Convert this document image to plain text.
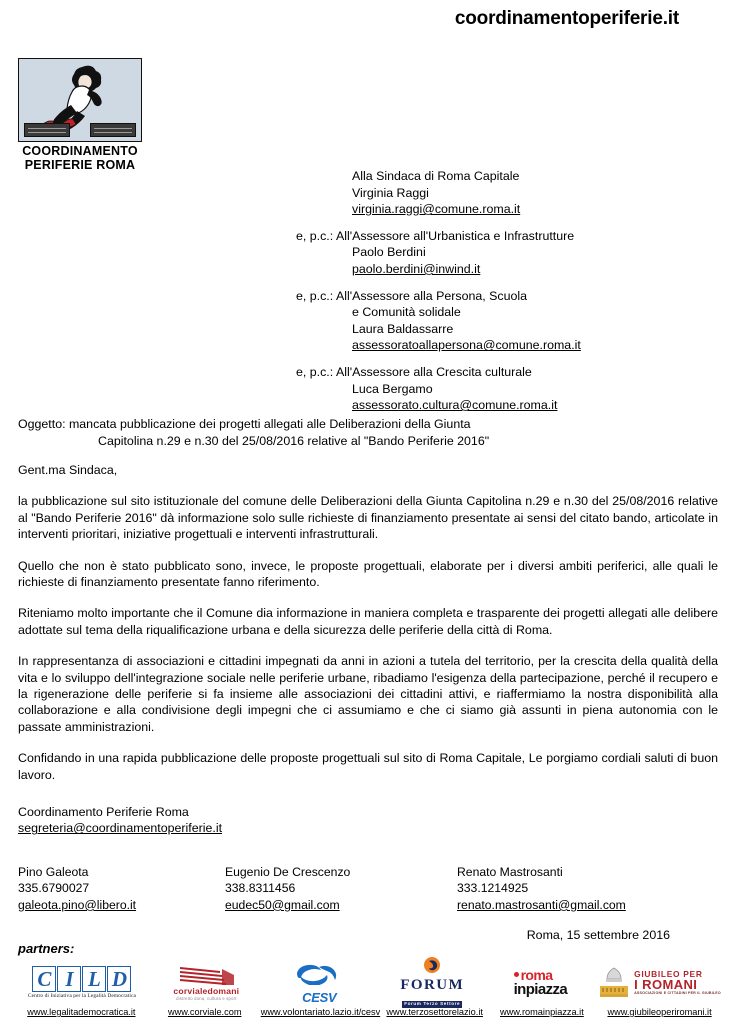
coordinamentoperiferie.it
COORDINAMENTO
PERIFERIE ROMA
Alla Sindaca di Roma Capitale
Virginia Raggi
virginia.raggi@comune.roma.it
e, p.c.: All'Assessore all'Urbanistica e Infrastrutture
Paolo Berdini
paolo.berdini@inwind.it
e, p.c.: All'Assessore alla Persona, Scuola
e Comunità solidale
Laura Baldassarre
assessoratoallapersona@comune.roma.it
e, p.c.: All'Assessore alla Crescita culturale
Luca Bergamo
assessorato.cultura@comune.roma.it
Oggetto: mancata pubblicazione dei progetti allegati alle Deliberazioni della Giunta
Capitolina n.29 e n.30 del 25/08/2016 relative al "Bando Periferie 2016"

Gent.ma Sindaca,

la pubblicazione sul sito istituzionale del comune delle Deliberazioni della Giunta Capitolina n.29 e n.30 del 25/08/2016 relative al "Bando Periferie 2016" dà informazione solo sulle richieste di finanziamento presentate ai sensi del citato bando, articolate in interventi prioritari, iniziative progettuali e interventi infrastrutturali.

Quello che non è stato pubblicato sono, invece, le proposte progettuali, elaborate per i diversi ambiti periferici, alle quali le richieste di finanziamento presentate fanno riferimento.

Riteniamo molto importante che il Comune dia informazione in maniera completa e trasparente dei progetti allegati alle delibere adottate sul tema della riqualificazione urbana e della sicurezza delle periferie della città di Roma.

In rappresentanza di associazioni e cittadini impegnati da anni in azioni a tutela del territorio, per la crescita della qualità della vita e lo sviluppo dell'integrazione sociale nelle periferie urbane, ribadiamo l'esigenza della partecipazione, perché il recupero e la rigenerazione delle periferie si fa insieme alle associazioni dei cittadini attivi, e riaffermiamo la nostra disponibilità alla collaborazione e alla condivisione degli impegni che ci assumiamo e che ci siamo già assunti in piena autonomia con le passate amministrazioni.

Confidando in una rapida pubblicazione delle proposte progettuali sul sito di Roma Capitale, Le porgiamo cordiali saluti di buon lavoro.

Coordinamento Periferie Roma
segreteria@coordinamentoperiferie.it
Pino Galeota
335.6790027
galeota.pino@libero.it
Eugenio De Crescenzo
338.8311456
eudec50@gmail.com
Renato Mastrosanti
333.1214925
renato.mastrosanti@gmail.com
Roma, 15 settembre 2016
partners:
C I L D
Centro di Iniziativa per la Legalità Democratica
corvialedomani
distretto dona, cultura e sport	CESV
FORUM
Forum Terzo Settore
roma
inpiazza
GIUBILEO PER
I ROMANI
ASSOCIAZIONI E CITTADINI PER IL GIUBILEO
www.legalitademocratica.it	www.corviale.com	www.volontariato.lazio.it/cesv www.terzosettorelazio.it	www.romainpiazza.it	www.giubileoperiromani.it
